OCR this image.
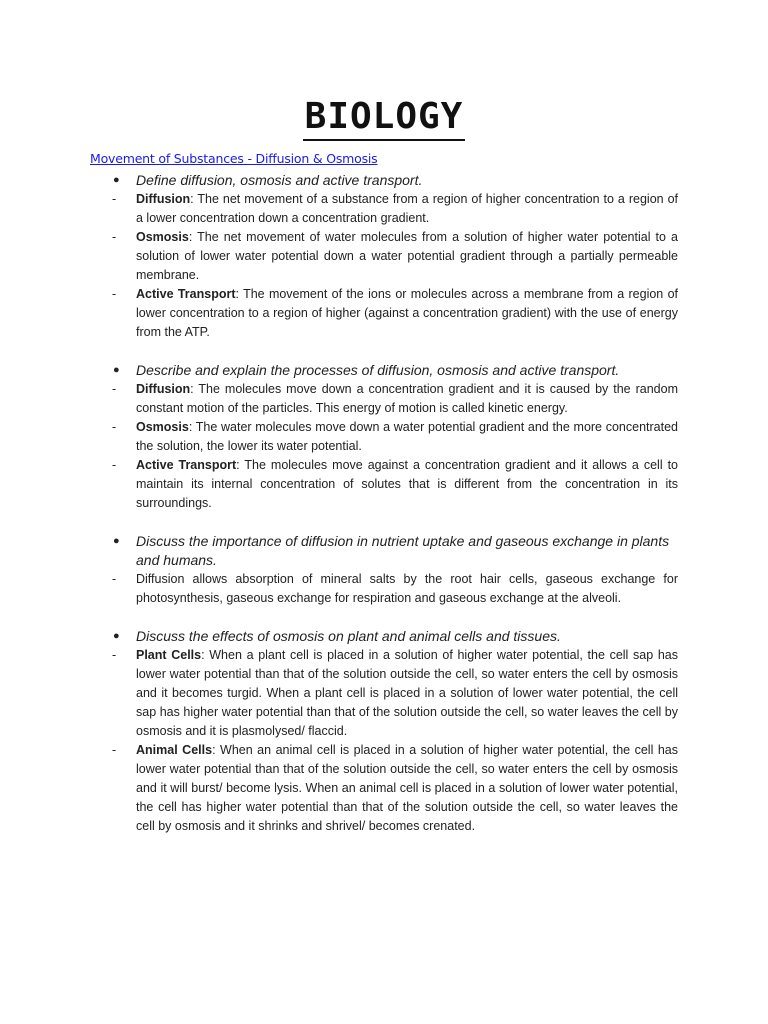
BIOLOGY
Movement of Substances - Diffusion & Osmosis
● Define diffusion, osmosis and active transport.
- Diffusion: The net movement of a substance from a region of higher concentration to a region of a lower concentration down a concentration gradient.
- Osmosis: The net movement of water molecules from a solution of higher water potential to a solution of lower water potential down a water potential gradient through a partially permeable membrane.
- Active Transport: The movement of the ions or molecules across a membrane from a region of lower concentration to a region of higher (against a concentration gradient) with the use of energy from the ATP.
● Describe and explain the processes of diffusion, osmosis and active transport.
- Diffusion: The molecules move down a concentration gradient and it is caused by the random constant motion of the particles. This energy of motion is called kinetic energy.
- Osmosis: The water molecules move down a water potential gradient and the more concentrated the solution, the lower its water potential.
- Active Transport: The molecules move against a concentration gradient and it allows a cell to maintain its internal concentration of solutes that is different from the concentration in its surroundings.
● Discuss the importance of diffusion in nutrient uptake and gaseous exchange in plants and humans.
- Diffusion allows absorption of mineral salts by the root hair cells, gaseous exchange for photosynthesis, gaseous exchange for respiration and gaseous exchange at the alveoli.
● Discuss the effects of osmosis on plant and animal cells and tissues.
- Plant Cells: When a plant cell is placed in a solution of higher water potential, the cell sap has lower water potential than that of the solution outside the cell, so water enters the cell by osmosis and it becomes turgid. When a plant cell is placed in a solution of lower water potential, the cell sap has higher water potential than that of the solution outside the cell, so water leaves the cell by osmosis and it is plasmolysed/ flaccid.
- Animal Cells: When an animal cell is placed in a solution of higher water potential, the cell has lower water potential than that of the solution outside the cell, so water enters the cell by osmosis and it will burst/ become lysis. When an animal cell is placed in a solution of lower water potential, the cell has higher water potential than that of the solution outside the cell, so water leaves the cell by osmosis and it shrinks and shrivel/ becomes crenated.
